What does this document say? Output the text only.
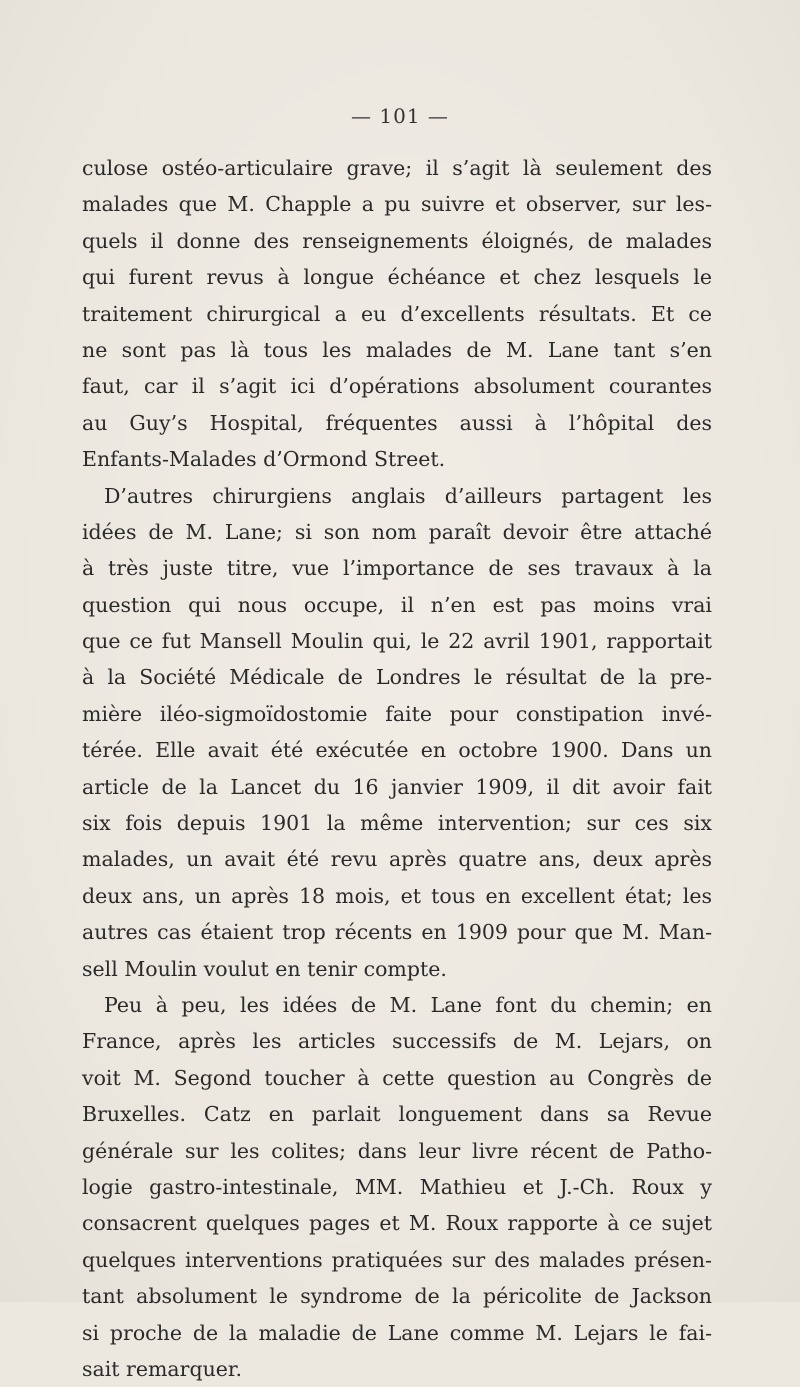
— 101 —
culose ostéo-articulaire grave; il s’agit là seulement des
malades que M. Chapple a pu suivre et observer, sur les-
quels il donne des renseignements éloignés, de malades
qui furent revus à longue échéance et chez lesquels le
traitement chirurgical a eu d’excellents résultats. Et ce
ne sont pas là tous les malades de M. Lane tant s’en
faut, car il s’agit ici d’opérations absolument courantes
au Guy’s Hospital, fréquentes aussi à l’hôpital des
Enfants-Malades d’Ormond Street.
D’autres chirurgiens anglais d’ailleurs partagent les
idées de M. Lane; si son nom paraît devoir être attaché
à très juste titre, vue l’importance de ses travaux à la
question qui nous occupe, il n’en est pas moins vrai
que ce fut Mansell Moulin qui, le 22 avril 1901, rapportait
à la Société Médicale de Londres le résultat de la pre-
mière iléo-sigmoïdostomie faite pour constipation invé-
térée. Elle avait été exécutée en octobre 1900. Dans un
article de la Lancet du 16 janvier 1909, il dit avoir fait
six fois depuis 1901 la même intervention; sur ces six
malades, un avait été revu après quatre ans, deux après
deux ans, un après 18 mois, et tous en excellent état; les
autres cas étaient trop récents en 1909 pour que M. Man-
sell Moulin voulut en tenir compte.
Peu à peu, les idées de M. Lane font du chemin; en
France, après les articles successifs de M. Lejars, on
voit M. Segond toucher à cette question au Congrès de
Bruxelles. Catz en parlait longuement dans sa Revue
générale sur les colites; dans leur livre récent de Patho-
logie gastro-intestinale, MM. Mathieu et J.-Ch. Roux y
consacrent quelques pages et M. Roux rapporte à ce sujet
quelques interventions pratiquées sur des malades présen-
tant absolument le syndrome de la péricolite de Jackson
si proche de la maladie de Lane comme M. Lejars le fai-
sait remarquer.
